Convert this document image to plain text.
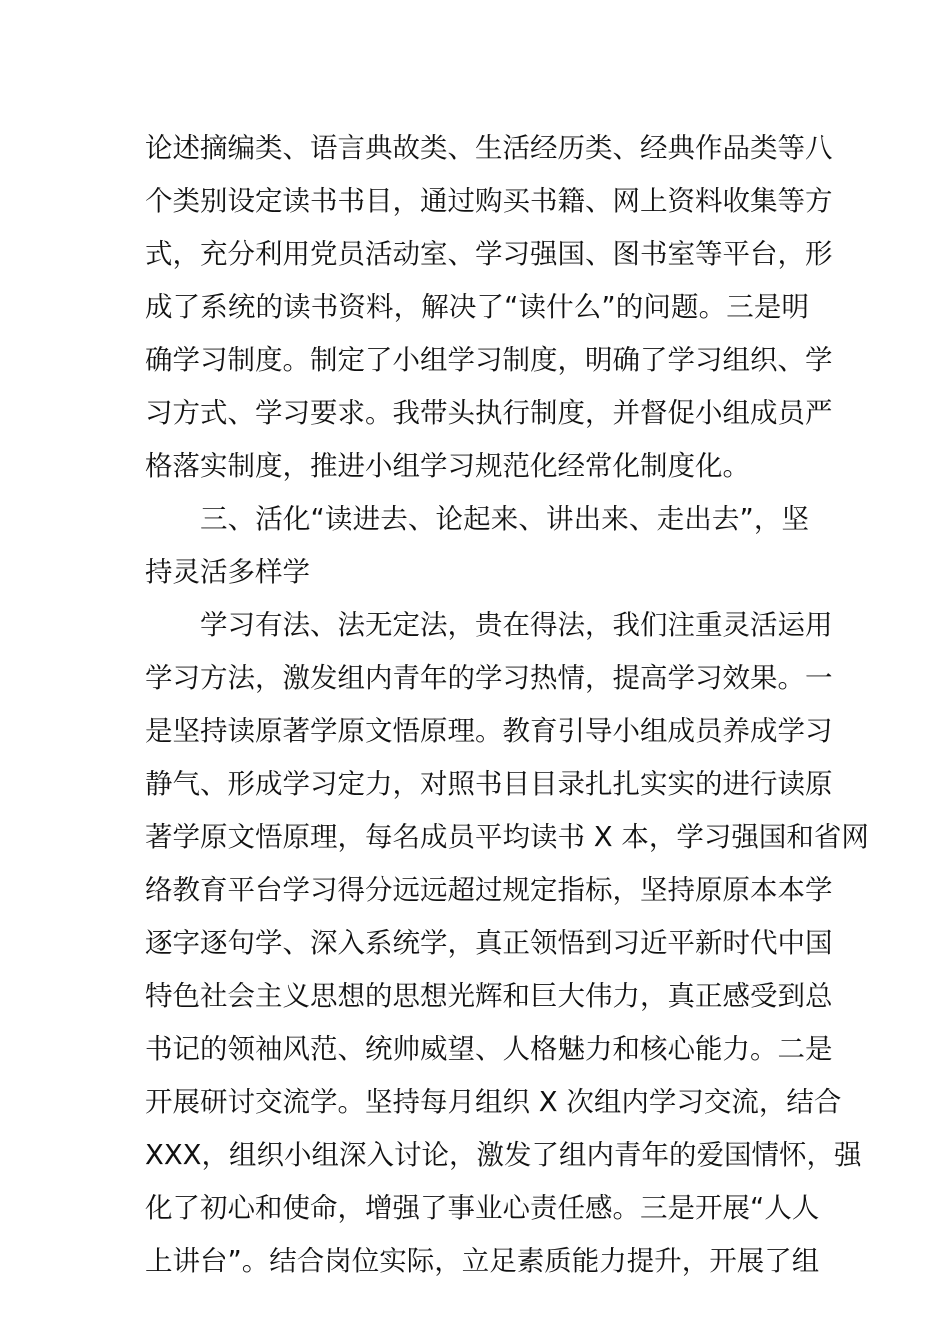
论述摘编类、语言典故类、生活经历类、经典作品类等八
个类别设定读书书目，通过购买书籍、网上资料收集等方
式，充分利用党员活动室、学习强国、图书室等平台，形
成了系统的读书资料，解决了“读什么”的问题。三是明
确学习制度。制定了小组学习制度，明确了学习组织、学
习方式、学习要求。我带头执行制度，并督促小组成员严
格落实制度，推进小组学习规范化经常化制度化。
三、活化“读进去、论起来、讲出来、走出去”，坚
持灵活多样学
学习有法、法无定法，贵在得法，我们注重灵活运用
学习方法，激发组内青年的学习热情，提高学习效果。一
是坚持读原著学原文悟原理。教育引导小组成员养成学习
静气、形成学习定力，对照书目目录扎扎实实的进行读原
著学原文悟原理，每名成员平均读书 X 本，学习强国和省网
络教育平台学习得分远远超过规定指标，坚持原原本本学
逐字逐句学、深入系统学，真正领悟到习近平新时代中国
特色社会主义思想的思想光辉和巨大伟力，真正感受到总
书记的领袖风范、统帅威望、人格魅力和核心能力。二是
开展研讨交流学。坚持每月组织 X 次组内学习交流，结合
XXX，组织小组深入讨论，激发了组内青年的爱国情怀，强
化了初心和使命，增强了事业心责任感。三是开展“人人
上讲台”。结合岗位实际，立足素质能力提升，开展了组
